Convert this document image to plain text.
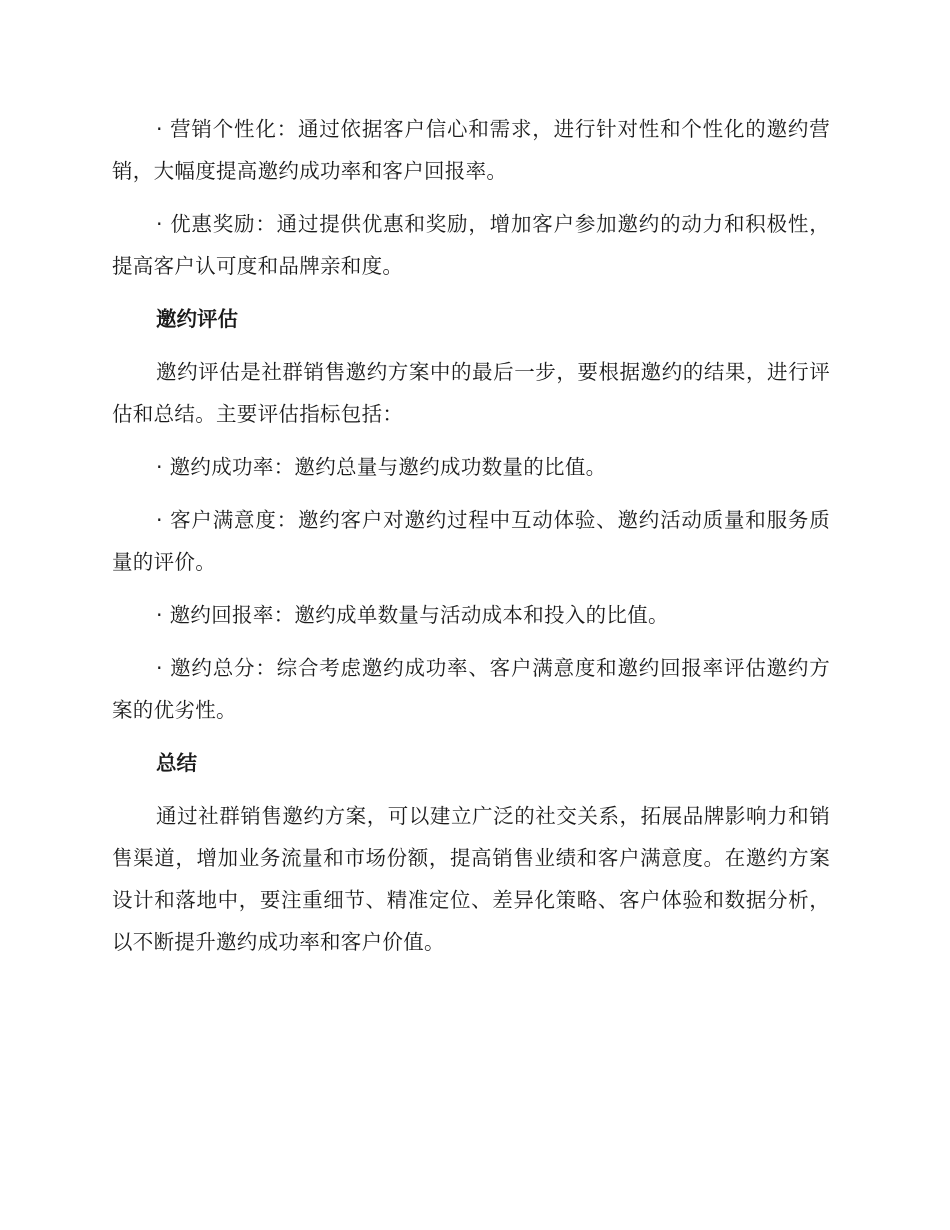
· 营销个性化：通过依据客户信心和需求，进行针对性和个性化的邀约营销，大幅度提高邀约成功率和客户回报率。

· 优惠奖励：通过提供优惠和奖励，增加客户参加邀约的动力和积极性，提高客户认可度和品牌亲和度。

邀约评估

邀约评估是社群销售邀约方案中的最后一步，要根据邀约的结果，进行评估和总结。主要评估指标包括：

· 邀约成功率：邀约总量与邀约成功数量的比值。

· 客户满意度：邀约客户对邀约过程中互动体验、邀约活动质量和服务质量的评价。

· 邀约回报率：邀约成单数量与活动成本和投入的比值。

· 邀约总分：综合考虑邀约成功率、客户满意度和邀约回报率评估邀约方案的优劣性。

总结

通过社群销售邀约方案，可以建立广泛的社交关系，拓展品牌影响力和销售渠道，增加业务流量和市场份额，提高销售业绩和客户满意度。在邀约方案设计和落地中，要注重细节、精准定位、差异化策略、客户体验和数据分析，以不断提升邀约成功率和客户价值。
